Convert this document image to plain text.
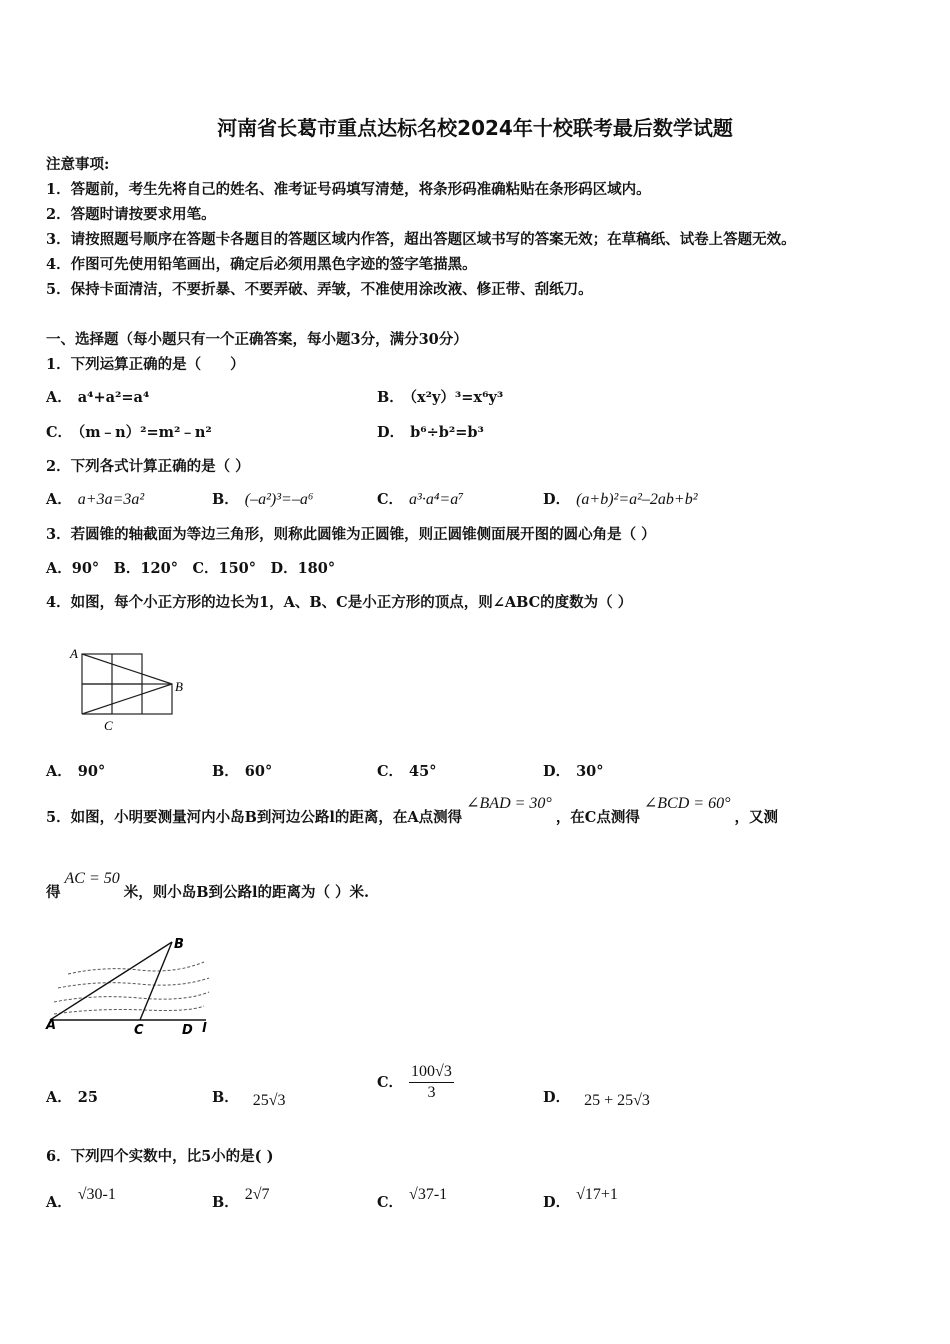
河南省长葛市重点达标名校2024年十校联考最后数学试题
注意事项:
1．答题前，考生先将自己的姓名、准考证号码填写清楚，将条形码准确粘贴在条形码区域内。
2．答题时请按要求用笔。
3．请按照题号顺序在答题卡各题目的答题区域内作答，超出答题区域书写的答案无效；在草稿纸、试卷上答题无效。
4．作图可先使用铅笔画出，确定后必须用黑色字迹的签字笔描黑。
5．保持卡面清洁，不要折暴、不要弄破、弄皱，不准使用涂改液、修正带、刮纸刀。
一、选择题（每小题只有一个正确答案，每小题3分，满分30分）
1．下列运算正确的是（　　）
A． a⁴+a²=a⁴	B． （x²y）³=x⁶y³
C． （m﹣n）²=m²﹣n²	D． b⁶÷b²=b³
2．下列各式计算正确的是（ ）
A． a+3a=3a²	B． (–a²)³=–a⁶	C． a³·a⁴=a⁷	D． (a+b)²=a²–2ab+b²
3．若圆锥的轴截面为等边三角形，则称此圆锥为正圆锥，则正圆锥侧面展开图的圆心角是（ ）
A．90°　B．120°　C．150°　D．180°
4．如图，每个小正方形的边长为1，A、B、C是小正方形的顶点，则∠ABC的度数为（ ）
A
B
C
A． 90°	B． 60°	C． 45°	D． 30°
5．如图，小明要测量河内小岛B到河边公路l的距离，在A点测得∠BAD = 30°，在C点测得∠BCD = 60°，又测
得AC = 50米，则小岛B到公路l的距离为（ ）米.
B
A	C	D l
A． 25	B． 25√3
C． $\frac{100√3}{3}$	D． 25 + 25√3
6．下列四个实数中，比5小的是( )
A． √30-1	B． 2√7	C． √37-1	D． √17+1
